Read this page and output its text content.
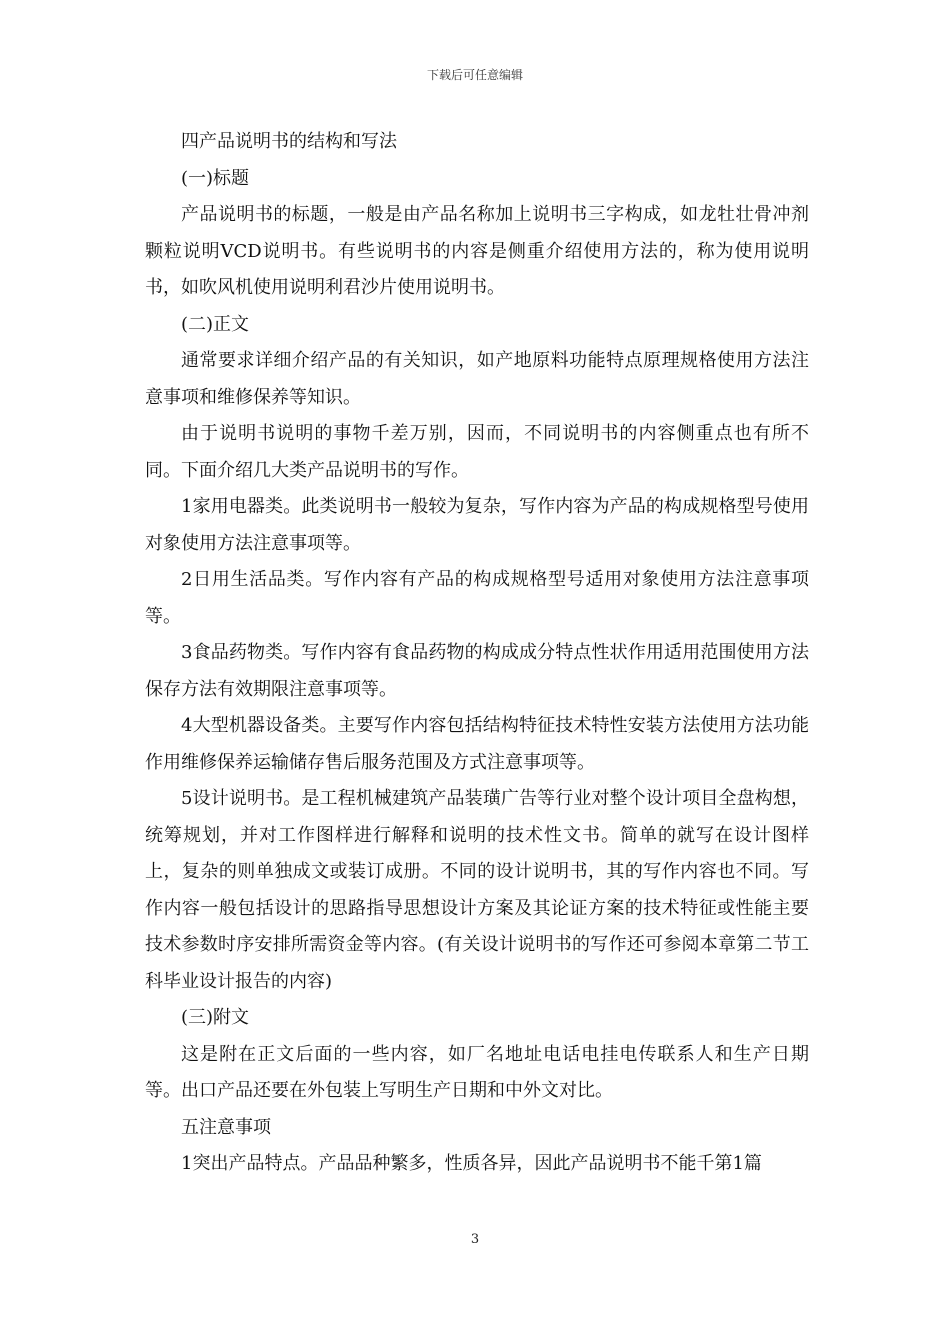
下载后可任意编辑

四产品说明书的结构和写法

(一)标题

产品说明书的标题，一般是由产品名称加上说明书三字构成，如龙牡壮骨冲剂颗粒说明VCD说明书。有些说明书的内容是侧重介绍使用方法的，称为使用说明书，如吹风机使用说明利君沙片使用说明书。

(二)正文

通常要求详细介绍产品的有关知识，如产地原料功能特点原理规格使用方法注意事项和维修保养等知识。

由于说明书说明的事物千差万别，因而，不同说明书的内容侧重点也有所不同。下面介绍几大类产品说明书的写作。

1家用电器类。此类说明书一般较为复杂，写作内容为产品的构成规格型号使用对象使用方法注意事项等。

2日用生活品类。写作内容有产品的构成规格型号适用对象使用方法注意事项等。

3食品药物类。写作内容有食品药物的构成成分特点性状作用适用范围使用方法保存方法有效期限注意事项等。

4大型机器设备类。主要写作内容包括结构特征技术特性安装方法使用方法功能作用维修保养运输储存售后服务范围及方式注意事项等。

5设计说明书。是工程机械建筑产品装璜广告等行业对整个设计项目全盘构想，统筹规划，并对工作图样进行解释和说明的技术性文书。简单的就写在设计图样上，复杂的则单独成文或装订成册。不同的设计说明书，其的写作内容也不同。写作内容一般包括设计的思路指导思想设计方案及其论证方案的技术特征或性能主要技术参数时序安排所需资金等内容。(有关设计说明书的写作还可参阅本章第二节工科毕业设计报告的内容)

(三)附文

这是附在正文后面的一些内容，如厂名地址电话电挂电传联系人和生产日期等。出口产品还要在外包装上写明生产日期和中外文对比。

五注意事项

1突出产品特点。产品品种繁多，性质各异，因此产品说明书不能千第1篇

3
